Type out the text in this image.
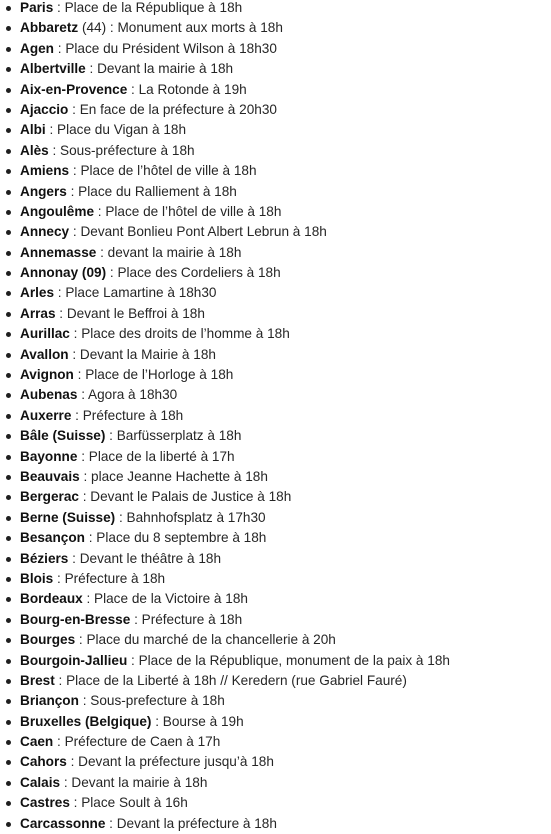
Paris : Place de la République à 18h
Abbaretz (44) : Monument aux morts à 18h
Agen : Place du Président Wilson à 18h30
Albertville : Devant la mairie à 18h
Aix-en-Provence : La Rotonde à 19h
Ajaccio : En face de la préfecture à 20h30
Albi : Place du Vigan à 18h
Alès : Sous-préfecture à 18h
Amiens : Place de l’hôtel de ville à 18h
Angers : Place du Ralliement à 18h
Angoulême : Place de l’hôtel de ville à 18h
Annecy : Devant Bonlieu Pont Albert Lebrun à 18h
Annemasse : devant la mairie à 18h
Annonay (09) : Place des Cordeliers à 18h
Arles : Place Lamartine à 18h30
Arras : Devant le Beffroi à 18h
Aurillac : Place des droits de l’homme à 18h
Avallon : Devant la Mairie à 18h
Avignon : Place de l’Horloge à 18h
Aubenas : Agora à 18h30
Auxerre : Préfecture à 18h
Bâle (Suisse) : Barfüsserplatz à 18h
Bayonne : Place de la liberté à 17h
Beauvais : place Jeanne Hachette à 18h
Bergerac : Devant le Palais de Justice à 18h
Berne (Suisse) : Bahnhofsplatz à 17h30
Besançon : Place du 8 septembre à 18h
Béziers : Devant le théâtre à 18h
Blois : Préfecture à 18h
Bordeaux : Place de la Victoire à 18h
Bourg-en-Bresse : Préfecture à 18h
Bourges : Place du marché de la chancellerie à 20h
Bourgoin-Jallieu : Place de la République, monument de la paix à 18h
Brest : Place de la Liberté à 18h // Keredern (rue Gabriel Fauré)
Briançon : Sous-prefecture à 18h
Bruxelles (Belgique) : Bourse à 19h
Caen : Préfecture de Caen à 17h
Cahors : Devant la préfecture jusqu’à 18h
Calais : Devant la mairie à 18h
Castres : Place Soult à 16h
Carcassonne : Devant la préfecture à 18h
